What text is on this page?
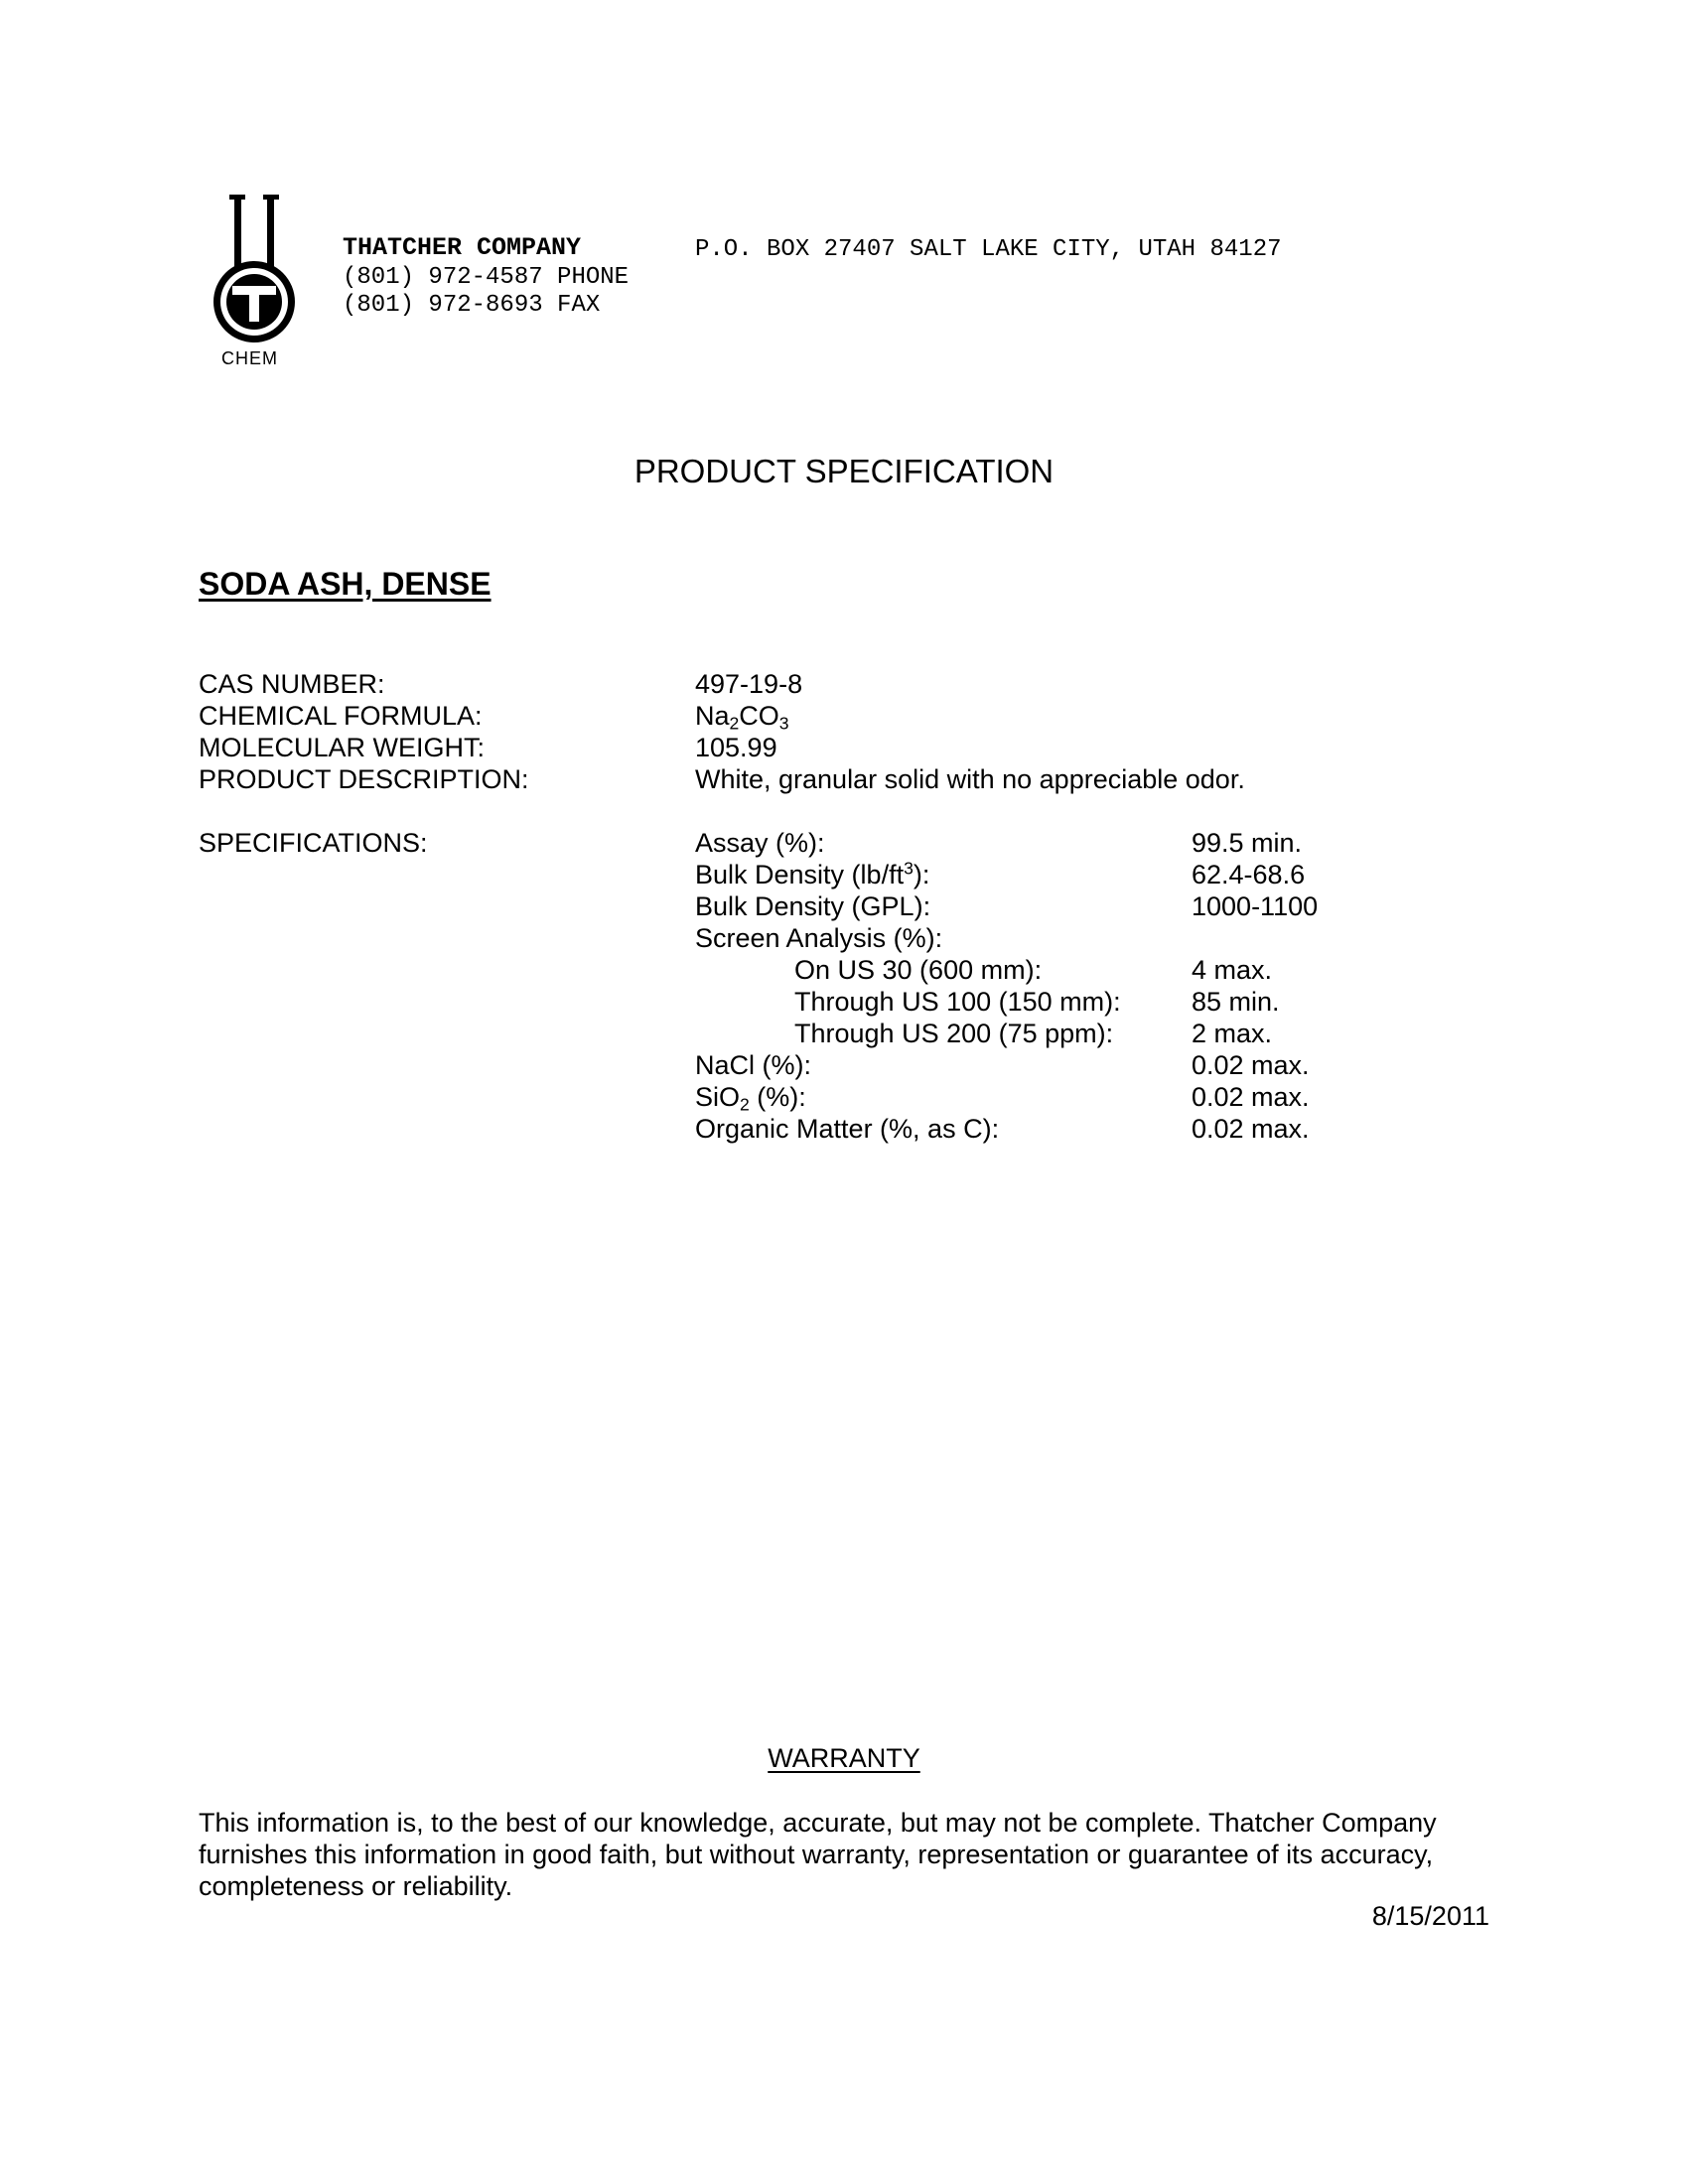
CHEM
THATCHER COMPANY	P.O. BOX 27407 SALT LAKE CITY, UTAH 84127
(801) 972-4587 PHONE
(801) 972-8693 FAX
PRODUCT SPECIFICATION
SODA ASH, DENSE
CAS NUMBER:	497-19-8
CHEMICAL FORMULA:	$Na_2CO_3$
MOLECULAR WEIGHT:	105.99
PRODUCT DESCRIPTION:	White, granular solid with no appreciable odor.
SPECIFICATIONS:	Assay (%):	99.5 min.
Bulk Density $(lb/ft^3)$:	62.4-68.6
Bulk Density (GPL):	1000-1100
Screen Analysis (%):
On US 30 (600 mm):	4 max.
Through US 100 (150 mm):	85 min.
Through US 200 (75 ppm):	2 max.
NaCl (%):	0.02 max.
SiO$_2$ (%):	0.02 max.
Organic Matter (%, as C):	0.02 max.
WARRANTY
This information is, to the best of our knowledge, accurate, but may not be complete. Thatcher Company
furnishes this information in good faith, but without warranty, representation or guarantee of its accuracy,
completeness or reliability.
8/15/2011
